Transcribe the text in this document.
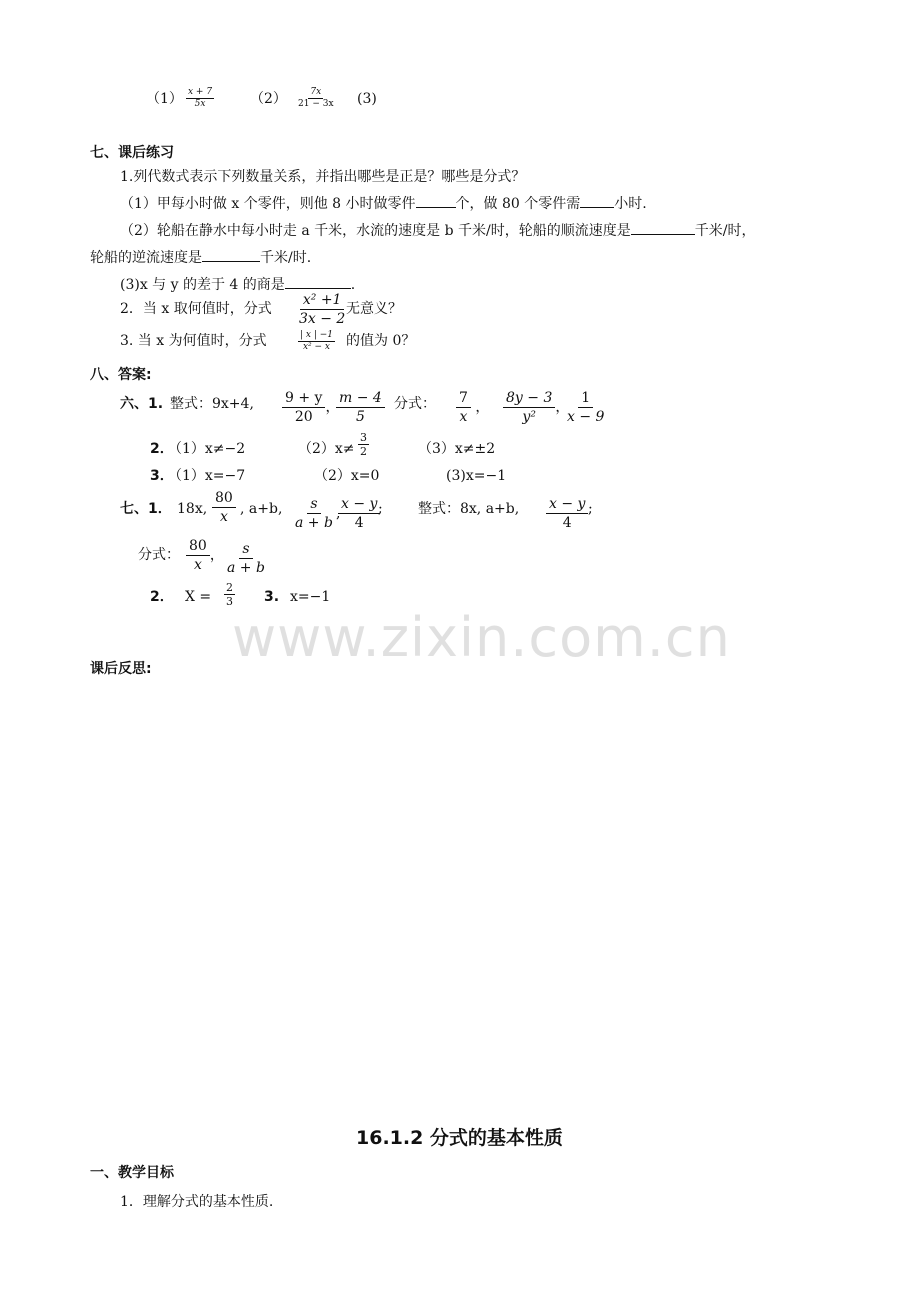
$(1) \frac{x + 7}{5x}$	$(2) \frac{7x}{21 - 3x} (3)$
七、课后练习
1.列代数式表示下列数量关系，并指出哪些是正是？哪些是分式？
（1）甲每小时做 x 个零件，则他 8 小时做零件	个，做 80 个零件需 小时.
（2）轮船在静水中每小时走 a 千米，水流的速度是 b 千米/时，轮船的顺流速度是	千米/时，
轮船的逆流速度是	千米/时.
(3)x 与 y 的差于 4 的商是	.
2．当 x 取何值时，分式 $\frac{\text{x² +1}}{3x - 2}$
无意义？
3. 当 x 为何值时，分式	$\frac{| x | -1}{\text{x² − x}}$ 的值为 0？
八、答案:
六、1. 整式：9x+4, $\frac{9 + y}{20}$ ，
$\frac{m - 4}{5}$ 分式： $\frac{7}{x}$ ， $\frac{8y - 3}{\text{y²}}$ ，
$\frac{1}{x - 9}$
2．
（1）x≠−2	$(2)x\ne \frac{3}{2}$	（3）x≠±2
3．
（1）x=−7	（2）x=0	(3)x=−1
七、1． 18x, $\frac{80}{x}$ , a+b, $\frac{s}{a + b}$ ,
$\frac{x - y}{4}$
;	整式：8x, a+b, $\frac{x - y}{4}$ ;
分式： $\frac{80}{x}$ ， $\frac{s}{a + b}$
2． $X = \frac{2}{3} 3$. x=−1
www.zixin.com.cn
课后反思:
16.1.2 分式的基本性质
一、教学目标
1．理解分式的基本性质.
